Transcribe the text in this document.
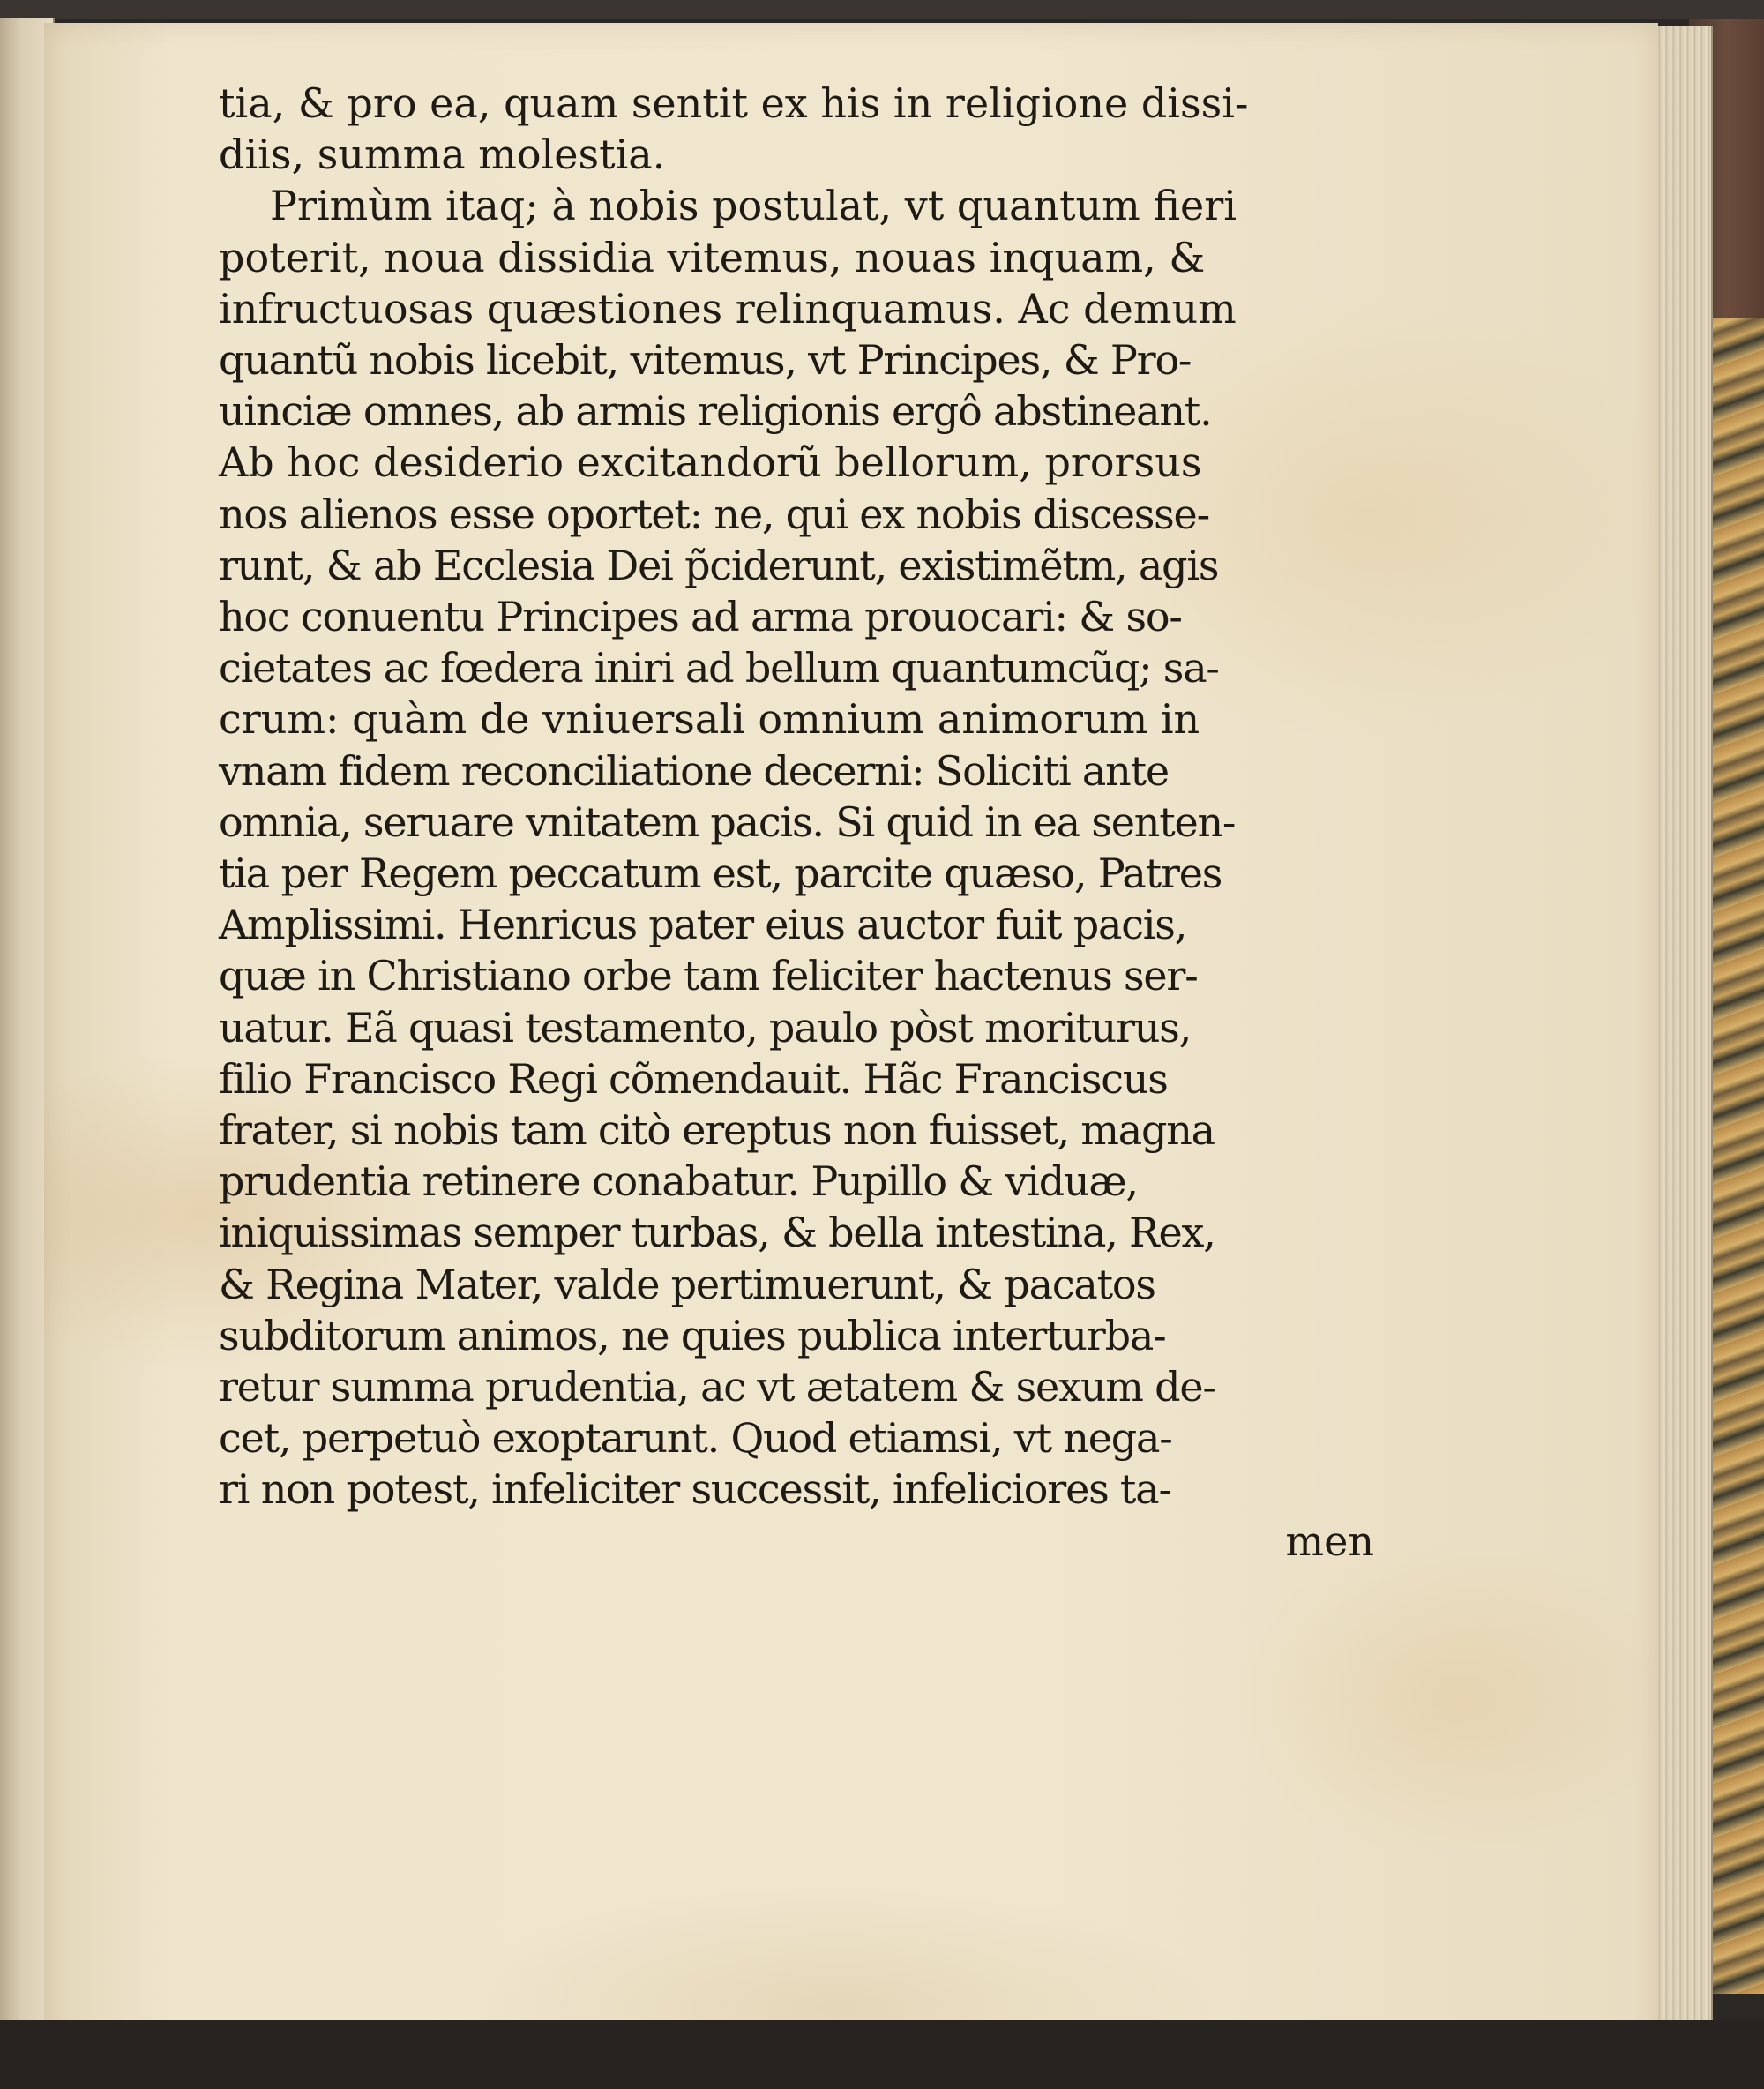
tia, & pro ea, quam sentit ex his in religione dissi-
diis, summa molestia.
Primùm itaq; à nobis postulat, vt quantum fieri
poterit, noua dissidia vitemus, nouas inquam, &
infructuosas quæstiones relinquamus. Ac demum
quantũ nobis licebit, vitemus, vt Principes, & Pro-
uinciæ omnes, ab armis religionis ergô abstineant.
Ab hoc desiderio excitandorũ bellorum, prorsus
nos alienos esse oportet: ne, qui ex nobis discesse-
runt, & ab Ecclesia Dei p̃ciderunt, existimẽtm, agis
hoc conuentu Principes ad arma prouocari: & so-
cietates ac fœdera iniri ad bellum quantumcũq; sa-
crum: quàm de vniuersali omnium animorum in
vnam fidem reconciliatione decerni: Soliciti ante
omnia, seruare vnitatem pacis. Si quid in ea senten-
tia per Regem peccatum est, parcite quæso, Patres
Amplissimi. Henricus pater eius auctor fuit pacis,
quæ in Christiano orbe tam feliciter hactenus ser-
uatur. Eã quasi testamento, paulo pòst moriturus,
filio Francisco Regi cõmendauit. Hãc Franciscus
frater, si nobis tam citò ereptus non fuisset, magna
prudentia retinere conabatur. Pupillo & viduæ,
iniquissimas semper turbas, & bella intestina, Rex,
& Regina Mater, valde pertimuerunt, & pacatos
subditorum animos, ne quies publica interturba-
retur summa prudentia, ac vt ætatem & sexum de-
cet, perpetuò exoptarunt. Quod etiamsi, vt nega-
ri non potest, infeliciter successit, infeliciores ta-
men
